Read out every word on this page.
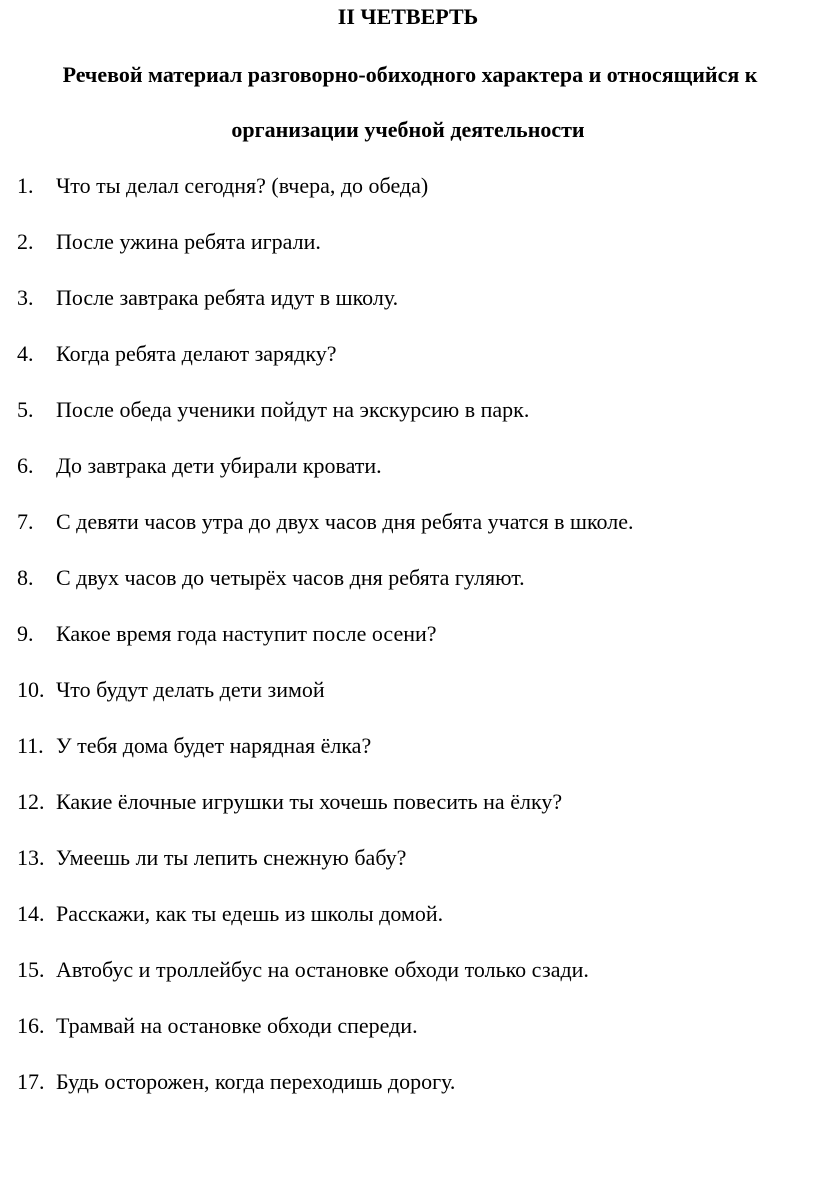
II ЧЕТВЕРТЬ
Речевой материал разговорно-обиходного характера и относящийся к
организации учебной деятельности
1. Что ты делал сегодня? (вчера, до обеда)
2. После ужина ребята играли.
3. После завтрака ребята идут в школу.
4. Когда ребята делают зарядку?
5. После обеда ученики пойдут на экскурсию в парк.
6. До завтрака дети убирали кровати.
7. С девяти часов утра до двух часов дня ребята учатся в школе.
8. С двух часов до четырёх часов дня ребята гуляют.
9. Какое время года наступит после осени?
10. Что будут делать дети зимой
11. У тебя дома будет нарядная ёлка?
12. Какие ёлочные игрушки ты хочешь повесить на ёлку?
13. Умеешь ли ты лепить снежную бабу?
14. Расскажи, как ты едешь из школы домой.
15. Автобус и троллейбус на остановке обходи только сзади.
16. Трамвай на остановке обходи спереди.
17. Будь осторожен, когда переходишь дорогу.
